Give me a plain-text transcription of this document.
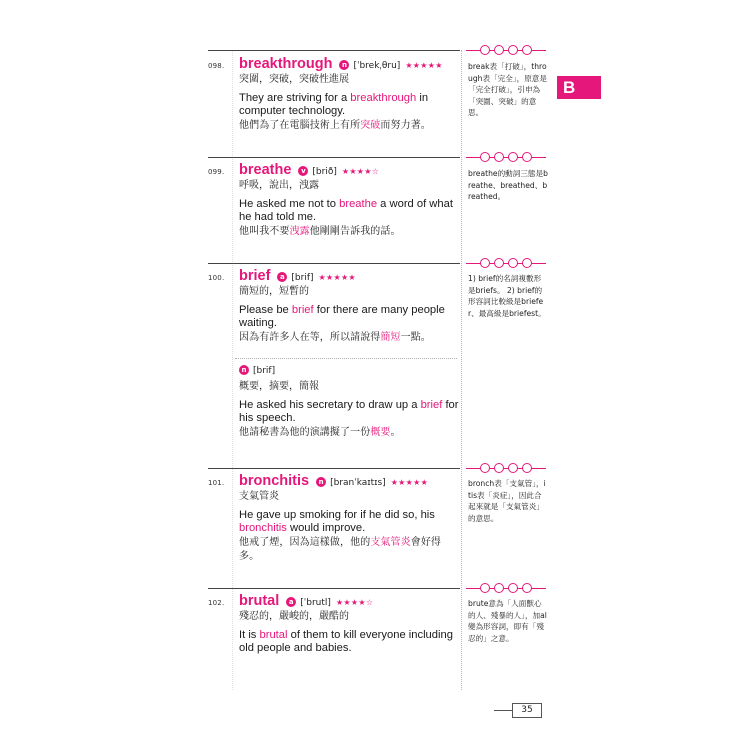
B
098. breakthrough	n [ˈbrekˌθru] ★★★★★
突圍，突破，突破性進展
They are striving for a breakthrough in computer technology.
他們為了在電腦技術上有所突破而努力著。
099. breathe	v [brið] ★★★★☆
呼吸，說出，洩露
He asked me not to breathe a word of what he had told me.
他叫我不要洩露他剛剛告訴我的話。
100. brief	a [brif] ★★★★★
簡短的，短暫的
Please be brief for there are many people waiting.
因為有許多人在等，所以請說得簡短一點。
n [brif]
概要，摘要，簡報
He asked his secretary to draw up a brief for his speech.
他請秘書為他的演講擬了一份概要。
101. bronchitis	n [branˈkaɪtɪs] ★★★★★
支氣管炎
He gave up smoking for if he did so, his bronchitis would improve.
他戒了煙，因為這樣做，他的支氣管炎會好得多。
102. brutal	a [ˈbrutl] ★★★★☆
殘忍的，嚴峻的，嚴酷的
It is brutal of them to kill everyone including old people and babies.
break表「打破」，through表「完全」，原意是「完全打破」，引申為「突圍、突破」的意思。
breathe的動詞三態是breathe、breathed、breathed。
1) brief的名詞複數形是briefs。 2) brief的形容詞比較級是briefer、最高級是briefest。
bronch表「支氣管」，itis表「炎症」，因此合起來就是「支氣管炎」的意思。
brute意為「人面獸心的人、殘暴的人」，加al變為形容詞，即有「殘忍的」之意。
35
